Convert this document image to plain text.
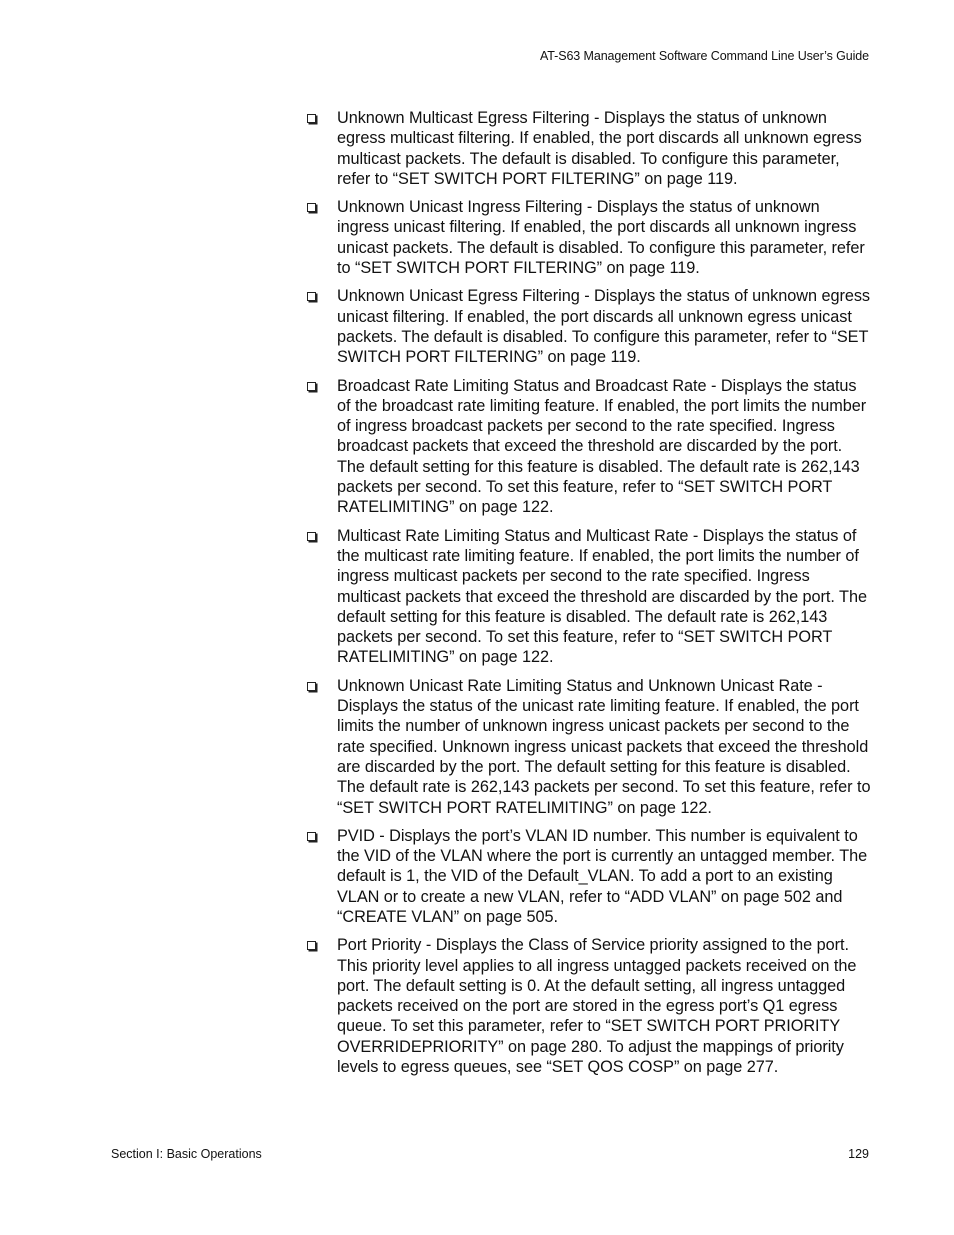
AT-S63 Management Software Command Line User’s Guide
Unknown Multicast Egress Filtering - Displays the status of unknown egress multicast filtering. If enabled, the port discards all unknown egress multicast packets. The default is disabled. To configure this parameter, refer to “SET SWITCH PORT FILTERING” on page 119.
Unknown Unicast Ingress Filtering - Displays the status of unknown ingress unicast filtering. If enabled, the port discards all unknown ingress unicast packets. The default is disabled. To configure this parameter, refer to “SET SWITCH PORT FILTERING” on page 119.
Unknown Unicast Egress Filtering - Displays the status of unknown egress unicast filtering. If enabled, the port discards all unknown egress unicast packets. The default is disabled. To configure this parameter, refer to “SET SWITCH PORT FILTERING” on page 119.
Broadcast Rate Limiting Status and Broadcast Rate - Displays the status of the broadcast rate limiting feature. If enabled, the port limits the number of ingress broadcast packets per second to the rate specified. Ingress broadcast packets that exceed the threshold are discarded by the port. The default setting for this feature is disabled. The default rate is 262,143 packets per second. To set this feature, refer to “SET SWITCH PORT RATELIMITING” on page 122.
Multicast Rate Limiting Status and Multicast Rate - Displays the status of the multicast rate limiting feature. If enabled, the port limits the number of ingress multicast packets per second to the rate specified. Ingress multicast packets that exceed the threshold are discarded by the port. The default setting for this feature is disabled. The default rate is 262,143 packets per second. To set this feature, refer to “SET SWITCH PORT RATELIMITING” on page 122.
Unknown Unicast Rate Limiting Status and Unknown Unicast Rate - Displays the status of the unicast rate limiting feature. If enabled, the port limits the number of unknown ingress unicast packets per second to the rate specified. Unknown ingress unicast packets that exceed the threshold are discarded by the port. The default setting for this feature is disabled. The default rate is 262,143 packets per second. To set this feature, refer to “SET SWITCH PORT RATELIMITING” on page 122.
PVID - Displays the port’s VLAN ID number. This number is equivalent to the VID of the VLAN where the port is currently an untagged member. The default is 1, the VID of the Default_VLAN. To add a port to an existing VLAN or to create a new VLAN, refer to “ADD VLAN” on page 502 and “CREATE VLAN” on page 505.
Port Priority - Displays the Class of Service priority assigned to the port. This priority level applies to all ingress untagged packets received on the port. The default setting is 0. At the default setting, all ingress untagged packets received on the port are stored in the egress port’s Q1 egress queue. To set this parameter, refer to “SET SWITCH PORT PRIORITY OVERRIDEPRIORITY” on page 280. To adjust the mappings of priority levels to egress queues, see “SET QOS COSP” on page 277.
Section I: Basic Operations	129
